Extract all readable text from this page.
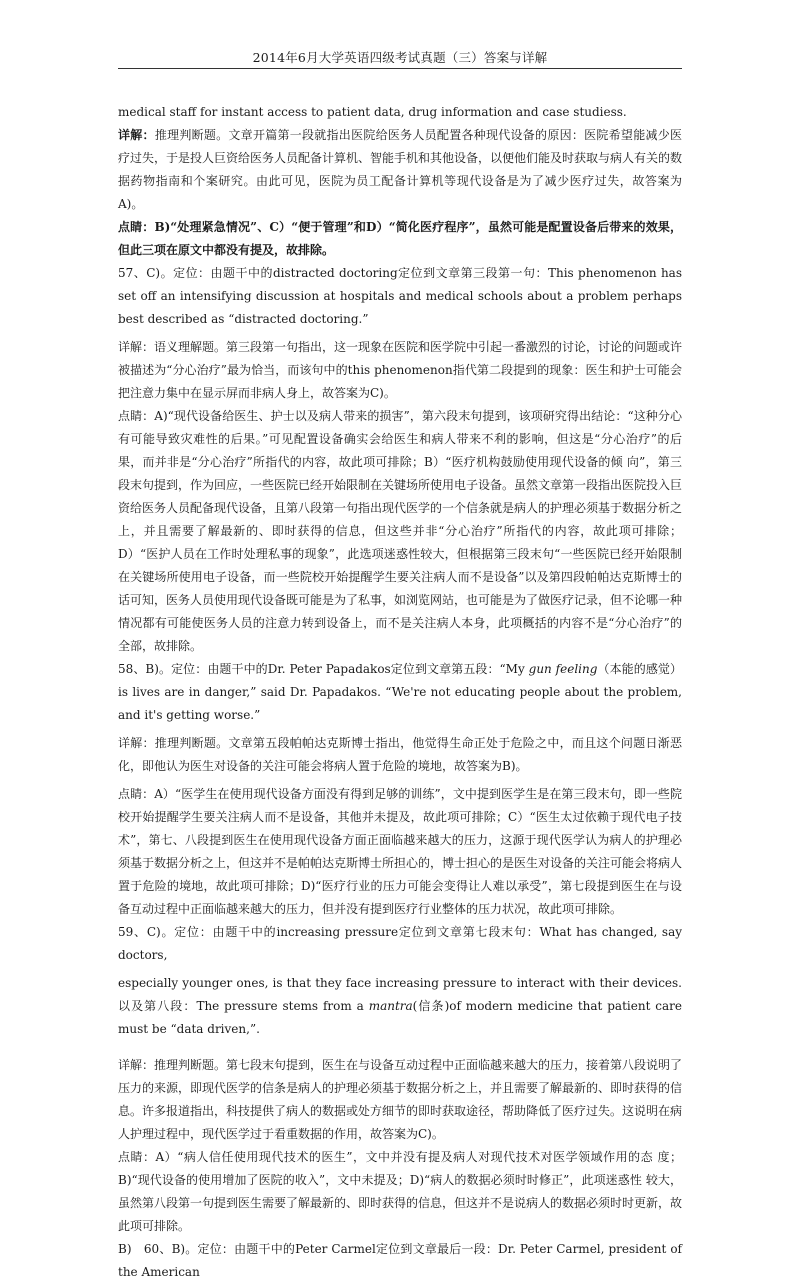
2014年6月大学英语四级考试真题（三）答案与详解

medical staff for instant access to patient data, drug information and case studiess.

详解：推理判断题。文章开篇第一段就指出医院给医务人员配置各种现代设备的原因：医院希望能减少医疗过失，于是投人巨资给医务人员配备计算机、智能手机和其他设备，以便他们能及时获取与病人有关的数据药物指南和个案研究。由此可见，医院为员工配备计算机等现代设备是为了减少医疗过失，故答案为A)。

点睛：B)“处理紧急情况”、C）“便于管理”和D）“简化医疗程序”，虽然可能是配置设备后带来的效果，但此三项在原文中都没有提及，故排除。

57、C)。定位：由题干中的distracted doctoring定位到文章第三段第一句：This phenomenon has set off an intensifying discussion at hospitals and medical schools about a problem perhaps best described as “distracted doctoring.”

详解：语义理解题。第三段第一句指出，这一现象在医院和医学院中引起一番激烈的讨论，讨论的问题或许被描述为“分心治疗”最为恰当，而该句中的this phenomenon指代第二段提到的现象：医生和护士可能会把注意力集中在显示屏而非病人身上，故答案为C)。

点睛：A)“现代设备给医生、护士以及病人带来的损害”，第六段末句提到，该项研究得出结论：“这种分心有可能导致灾难性的后果。”可见配置设备确实会给医生和病人带来不利的影响，但这是“分心治疗”的后果，而并非是“分心治疗”所指代的内容，故此项可排除；B）“医疗机构鼓励使用现代设备的倾 向”，第三段末句提到，作为回应，一些医院已经开始限制在关键场所使用电子设备。虽然文章第一段指出医院投入巨资给医务人员配备现代设备，且第八段第一句指出现代医学的一个信条就是病人的护理必须基于数据分析之上，并且需要了解最新的、即时获得的信息，但这些并非“分心治疗”所指代的内容，故此项可排除；D）“医护人员在工作时处理私事的现象”，此选项迷惑性较大，但根据第三段末句“一些医院已经开始限制在关键场所使用电子设备，而一些院校开始提醒学生要关注病人而不是设备”以及第四段帕帕达克斯博士的话可知，医务人员使用现代设备既可能是为了私事，如浏览网站，也可能是为了做医疗记录，但不论哪一种情况都有可能使医务人员的注意力转到设备上，而不是关注病人本身，此项概括的内容不是“分心治疗”的全部，故排除。

58、B)。定位：由题干中的Dr. Peter Papadakos定位到文章第五段：“My gun feeling（本能的感觉）is lives are in danger,” said Dr. Papadakos. “We're not educating people about the problem, and it's getting worse.”

详解：推理判断题。文章第五段帕帕达克斯博士指出，他觉得生命正处于危险之中，而且这个问题日渐恶化，即他认为医生对设备的关注可能会将病人置于危险的境地，故答案为B)。

点睛：A）“医学生在使用现代设备方面没有得到足够的训练”，文中提到医学生是在第三段末句，即一些院校开始提醒学生要关注病人而不是设备，其他并未提及，故此项可排除；C）“医生太过依赖于现代电子技术”，第七、八段提到医生在使用现代设备方面正面临越来越大的压力，这源于现代医学认为病人的护理必须基于数据分析之上，但这并不是帕帕达克斯博士所担心的，博士担心的是医生对设备的关注可能会将病人置于危险的境地，故此项可排除；D)“医疗行业的压力可能会变得让人难以承受”，第七段提到医生在与设备互动过程中正面临越来越大的压力，但并没有提到医疗行业整体的压力状况，故此项可排除。

59、C)。定位：由题干中的increasing pressure定位到文章第七段末句：What has changed, say doctors,

especially younger ones, is that they face increasing pressure to interact with their devices.以及第八段：The pressure stems from a mantra(信条)of modern medicine that patient care must be “data driven,”.

详解：推理判断题。第七段末句提到，医生在与设备互动过程中正面临越来越大的压力，接着第八段说明了压力的来源，即现代医学的信条是病人的护理必须基于数据分析之上，并且需要了解最新的、即时获得的信息。许多报道指出，科技提供了病人的数据或处方细节的即时获取途径，帮助降低了医疗过失。这说明在病人护理过程中，现代医学过于看重数据的作用，故答案为C)。

点睛：A）“病人信任使用现代技术的医生”，文中并没有提及病人对现代技术对医学领域作用的态 度；B)“现代设备的使用增加了医院的收入”，文中未提及；D)“病人的数据必须时时修正”，此项迷惑性 较大，虽然第八段第一句提到医生需要了解最新的、即时获得的信息，但这并不是说病人的数据必须时时更新，故此项可排除。

B)　60、B)。定位：由题干中的Peter Carmel定位到文章最后一段：Dr. Peter Carmel, president of the American
